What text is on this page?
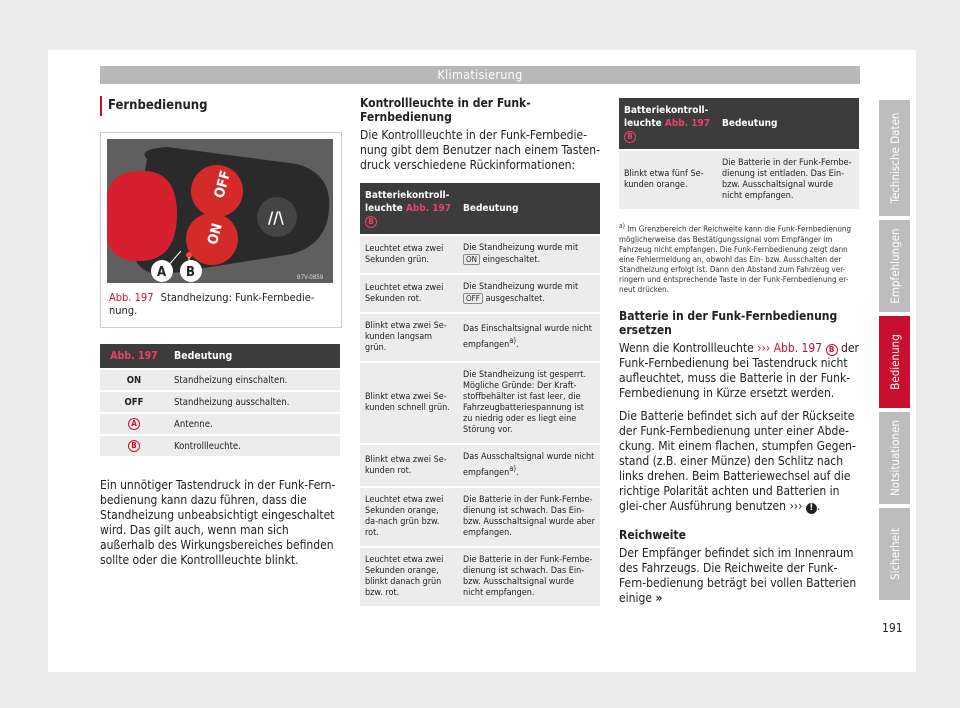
Klimatisierung
Fernbedienung
OFF
ON
//\
A B	B7V-0859
Abb. 197 Standheizung: Funk-Fernbedie-nung.
Abb. 197	Bedeutung
ON	Standheizung einschalten.
OFF	Standheizung ausschalten.
A	Antenne.
B	Kontrollleuchte.
Ein unnötiger Tastendruck in der Funk-Fern-bedienung kann dazu führen, dass die Standheizung unbeabsichtigt eingeschaltet wird. Das gilt auch, wenn man sich außerhalb des Wirkungsbereiches befinden sollte oder die Kontrollleuchte blinkt.
Kontrollleuchte in der Funk-Fernbedienung
Die Kontrollleuchte in der Funk-Fernbedie-nung gibt dem Benutzer nach einem Tasten-druck verschiedene Rückinformationen:
Batteriekontroll-leuchte Abb. 197
B	Bedeutung
Leuchtet etwa zwei Sekunden grün.	Die Standheizung wurde mit ON eingeschaltet.
Leuchtet etwa zwei Sekunden rot.	Die Standheizung wurde mit OFF ausgeschaltet.
Blinkt etwa zwei Se-kunden langsam grün.	Das Einschaltsignal wurde nicht empfangen$^{a)}$.
Blinkt etwa zwei Se-kunden schnell grün.	Die Standheizung ist gesperrt. Mögliche Gründe: Der Kraft-stoffbehälter ist fast leer, die Fahrzeugbatteriespannung ist zu niedrig oder es liegt eine Störung vor.
Blinkt etwa zwei Se-kunden rot.	Das Ausschaltsignal wurde nicht empfangen$^{a)}$.
Leuchtet etwa zwei Sekunden orange, da-nach grün bzw. rot.	Die Batterie in der Funk-Fernbe-dienung ist schwach. Das Ein-bzw. Ausschaltsignal wurde aber empfangen.
Leuchtet etwa zwei Sekunden orange, blinkt danach grün bzw. rot.	Die Batterie in der Funk-Fernbe-dienung ist schwach. Das Ein-bzw. Ausschaltsignal wurde nicht empfangen.
Batteriekontroll-leuchte Abb. 197
B	Bedeutung
Blinkt etwa fünf Se-kunden orange.	Die Batterie in der Funk-Fernbe-dienung ist entladen. Das Ein-bzw. Ausschaltsignal wurde nicht empfangen.
$^{a)}$ Im Grenzbereich der Reichweite kann die Funk-Fernbedienung möglicherweise das Bestätigungssignal vom Empfänger im Fahrzeug nicht empfangen. Die Funk-Fernbedienung zeigt dann eine Fehlermeldung an, obwohl das Ein- bzw. Ausschalten der Standheizung erfolgt ist. Dann den Abstand zum Fahrzeug ver-ringern und entsprechende Taste in der Funk-Fernbedienung er-neut drücken.
Batterie in der Funk-Fernbedienung ersetzen
Wenn die Kontrollleuchte ››› Abb. 197 B der Funk-Fernbedienung bei Tastendruck nicht aufleuchtet, muss die Batterie in der Funk-Fernbedienung in Kürze ersetzt werden.
Die Batterie befindet sich auf der Rückseite der Funk-Fernbedienung unter einer Abde-ckung. Mit einem flachen, stumpfen Gegen-stand (z.B. einer Münze) den Schlitz nach links drehen. Beim Batteriewechsel auf die richtige Polarität achten und Batterien in glei-cher Ausführung benutzen ››› ! .
Reichweite
Der Empfänger befindet sich im Innenraum des Fahrzeugs. Die Reichweite der Funk-Fern-bedienung beträgt bei vollen Batterien einige »
Technische Daten
Empfehlungen
Bedienung
Notsituationen
Sicherheit
191
